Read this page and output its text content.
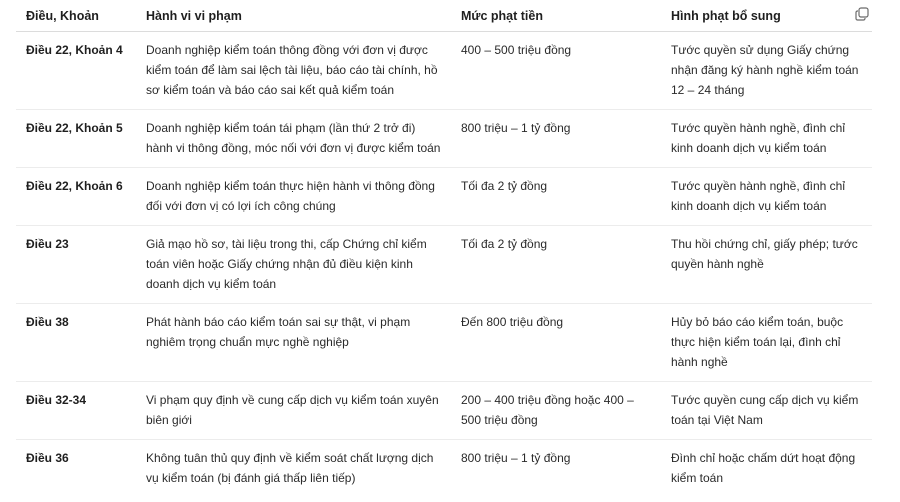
Điều, Khoản	Hành vi vi phạm	Mức phạt tiền	Hình phạt bổ sung
Điều 22, Khoản 4	Doanh nghiệp kiểm toán thông đồng với đơn vị được kiểm toán để làm sai lệch tài liệu, báo cáo tài chính, hồ sơ kiểm toán và báo cáo sai kết quả kiểm toán	400 – 500 triệu đồng	Tước quyền sử dụng Giấy chứng nhận đăng ký hành nghề kiểm toán 12 – 24 tháng
Điều 22, Khoản 5	Doanh nghiệp kiểm toán tái phạm (lần thứ 2 trở đi) hành vi thông đồng, móc nối với đơn vị được kiểm toán	800 triệu – 1 tỷ đồng	Tước quyền hành nghề, đình chỉ kinh doanh dịch vụ kiểm toán
Điều 22, Khoản 6	Doanh nghiệp kiểm toán thực hiện hành vi thông đồng đối với đơn vị có lợi ích công chúng	Tối đa 2 tỷ đồng	Tước quyền hành nghề, đình chỉ kinh doanh dịch vụ kiểm toán
Điều 23	Giả mạo hồ sơ, tài liệu trong thi, cấp Chứng chỉ kiểm toán viên hoặc Giấy chứng nhận đủ điều kiện kinh doanh dịch vụ kiểm toán	Tối đa 2 tỷ đồng	Thu hồi chứng chỉ, giấy phép; tước quyền hành nghề
Điều 38	Phát hành báo cáo kiểm toán sai sự thật, vi phạm nghiêm trọng chuẩn mực nghề nghiệp	Đến 800 triệu đồng	Hủy bỏ báo cáo kiểm toán, buộc thực hiện kiểm toán lại, đình chỉ hành nghề
Điều 32-34	Vi phạm quy định về cung cấp dịch vụ kiểm toán xuyên biên giới	200 – 400 triệu đồng hoặc 400 – 500 triệu đồng	Tước quyền cung cấp dịch vụ kiểm toán tại Việt Nam
Điều 36	Không tuân thủ quy định về kiểm soát chất lượng dịch vụ kiểm toán (bị đánh giá thấp liên tiếp)	800 triệu – 1 tỷ đồng	Đình chỉ hoặc chấm dứt hoạt động kiểm toán
